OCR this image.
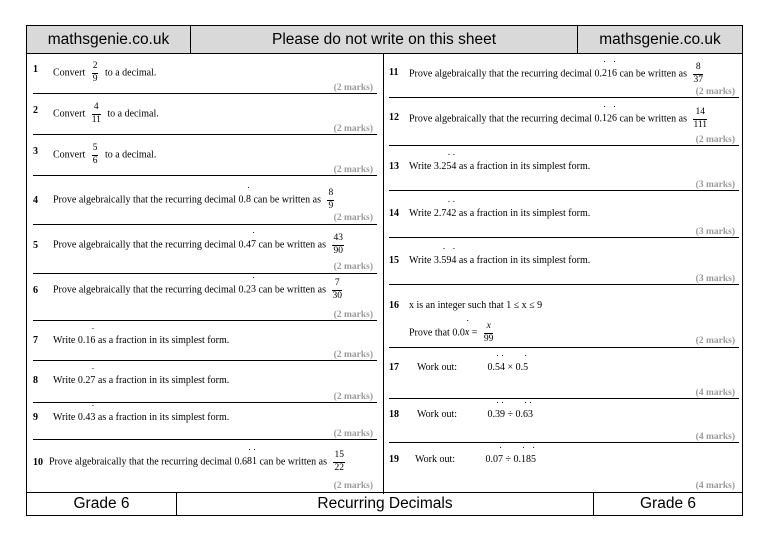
mathsgenie.co.uk	Please do not write on this sheet	mathsgenie.co.uk
1 Convert $\frac{2}{9}$ to a decimal.
(2 marks)
2 Convert $\frac{4}{11}$ to a decimal.
(2 marks)
3 Convert $\frac{5}{6}$ to a decimal.
(2 marks)
4 Prove algebraically that the recurring decimal 0.˙ 8 can be written as $\frac{8}{9}$
(2 marks)
5 Prove algebraically that the recurring decimal 0.4˙ 7 can be written as $\frac{43}{90}$
(2 marks)
6 Prove algebraically that the recurring decimal 0.2˙ 3 can be written as $\frac{7}{30}$
(2 marks)
7 Write 0.1˙ 6 as a fraction in its simplest form.
(2 marks)
8 Write 0.2˙ 7 as a fraction in its simplest form.
(2 marks)
9 Write 0.4˙ 3 as a fraction in its simplest form.
(2 marks)
10 Prove algebraically that the recurring decimal 0.6˙ 8˙ 1 can be written as $\frac{15}{22}$
(2 marks)
11 Prove algebraically that the recurring decimal 0.˙ 21˙ 6 can be written as $\frac{8}{37}$
(2 marks)
12 Prove algebraically that the recurring decimal 0.˙ 12˙ 6 can be written as $\frac{14}{111}$
(2 marks)
13 Write 3.2˙ 5˙ 4 as a fraction in its simplest form.
(3 marks)
14 Write 2.7˙ 4˙ 2 as a fraction in its simplest form.
(3 marks)
15 Write 3.˙ 59˙ 4 as a fraction in its simplest form.
(3 marks)
16 x is an integer such that 1 ≤ x ≤ 9
Prove that 0.0˙ $x = \frac{x}{99}$	(2 marks)
17 Work out:	0.˙ 5˙ 4 × 0.˙ 5
(4 marks)
18 Work out:	0.˙ 3˙ 9 ÷ 0.˙ 6˙ 3
(4 marks)
19 Work out:	0.0˙ 7 ÷ 0.˙ 18˙ 5
(4 marks)
Grade 6	Recurring Decimals	Grade 6
